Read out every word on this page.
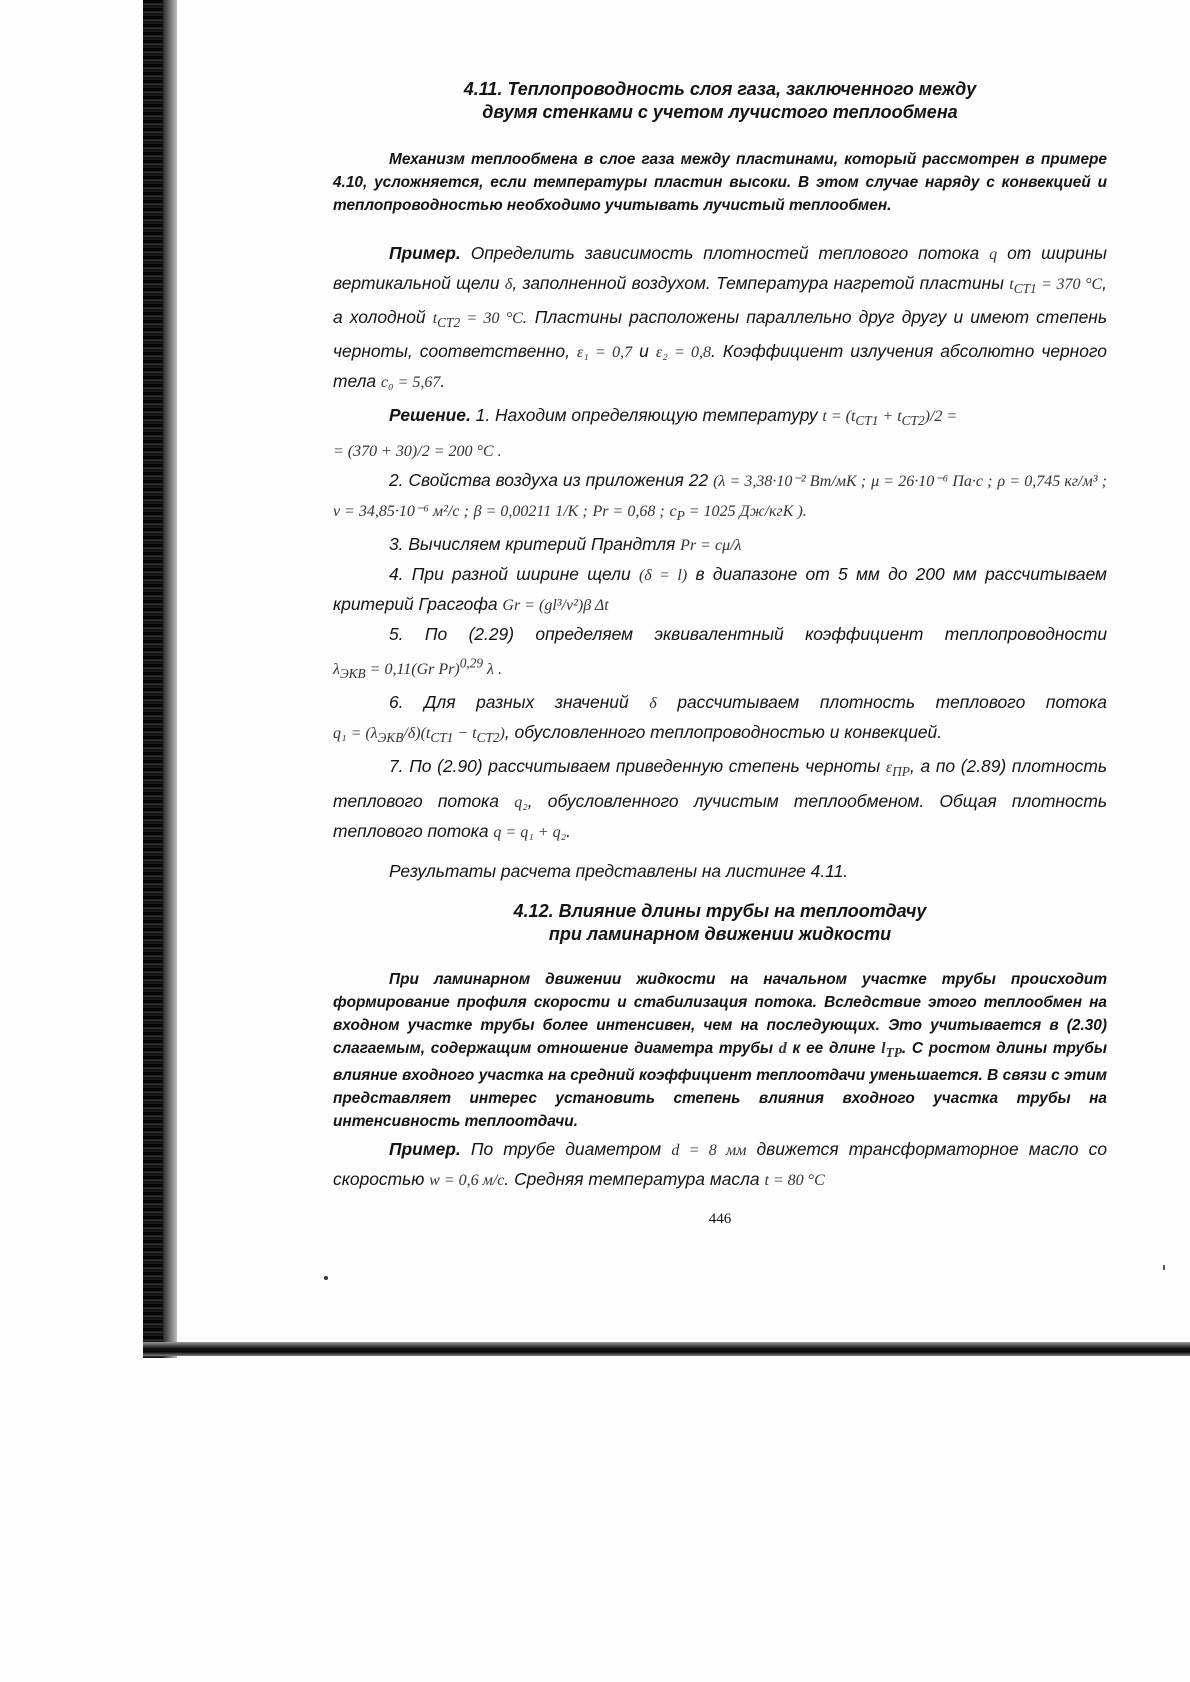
4.11. Теплопроводность слоя газа, заключенного между
двумя стенками с учетом лучистого теплообмена

Механизм теплообмена в слое газа между пластинами, который рассмотрен в примере 4.10, усложняется, если температуры пластин высоки. В этом случае наряду с конвекцией и теплопроводностью необходимо учитывать лучистый теплообмен.

Пример. Определить зависимость плотностей теплового потока q от ширины вертикальной щели δ, заполненной воздухом. Температура нагретой пластины $t_{CT1} = 370$ °C, а холодной $t_{CT2} = 30$ °C. Пластины расположены параллельно друг другу и имеют степень черноты, соответственно, ε₁ = 0,7 и ε₂ = 0,8. Коэффициент излучения абсолютно черного тела c₀ = 5,67.

Решение. 1. Находим определяющую температуру $t = (t_{CT1} + t_{CT2})/2$ =
= (370 + 30)/2 = 200 °C .

2. Свойства воздуха из приложения 22 (λ = 3,38·10⁻² Вт/мK ; μ = 26·10⁻⁶ Па·с ; ρ = 0,745 кг/м³ ; ν = 34,85·10⁻⁶ м²/с ; β = 0,00211 1/K ; Pr = 0,68 ; $c_P = 1025$ Дж/кгK ).

3. Вычисляем критерий Прандтля Pr = cμ/λ

4. При разной ширине щели (δ = l) в диапазоне от 5 мм до 200 мм рассчитываем критерий Грасгофа Gr = (gl³/ν²)β Δt

5. По (2.29) определяем эквивалентный коэффициент теплопроводности $\lambda_{ЭКВ} = 0,11(Gr$ Pr)$^{0,29}$ λ .

6. Для разных значений δ рассчитываем плотность теплового потока $q_1 = (\lambda_{ЭКВ}/\delta)(t_{CT1} - t_{CT2})$, обусловленного теплопроводностью и конвекцией.

7. По (2.90) рассчитываем приведенную степень черноты $\varepsilon_{ПР}$, а по (2.89) плотность теплового потока q₂, обусловленного лучистым теплообменом. Общая плотность теплового потока q = q₁ + q₂.

Результаты расчета представлены на листинге 4.11.

4.12. Влияние длины трубы на теплоотдачу
при ламинарном движении жидкости

При ламинарном движении жидкости на начальном участке трубы происходит формирование профиля скорости и стабилизация потока. Вследствие этого теплообмен на входном участке трубы более интенсивен, чем на последующих. Это учитывается в (2.30) слагаемым, содержащим отношение диаметра трубы d к ее длине $l_{TP}$. С ростом длины трубы влияние входного участка на средний коэффициент теплоотдачи уменьшается. В связи с этим представляет интерес установить степень влияния входного участка трубы на интенсивность теплоотдачи.

Пример. По трубе диаметром d = 8 мм движется трансформаторное масло со скоростью w = 0,6 м/с. Средняя температура масла t = 80 °C

446
